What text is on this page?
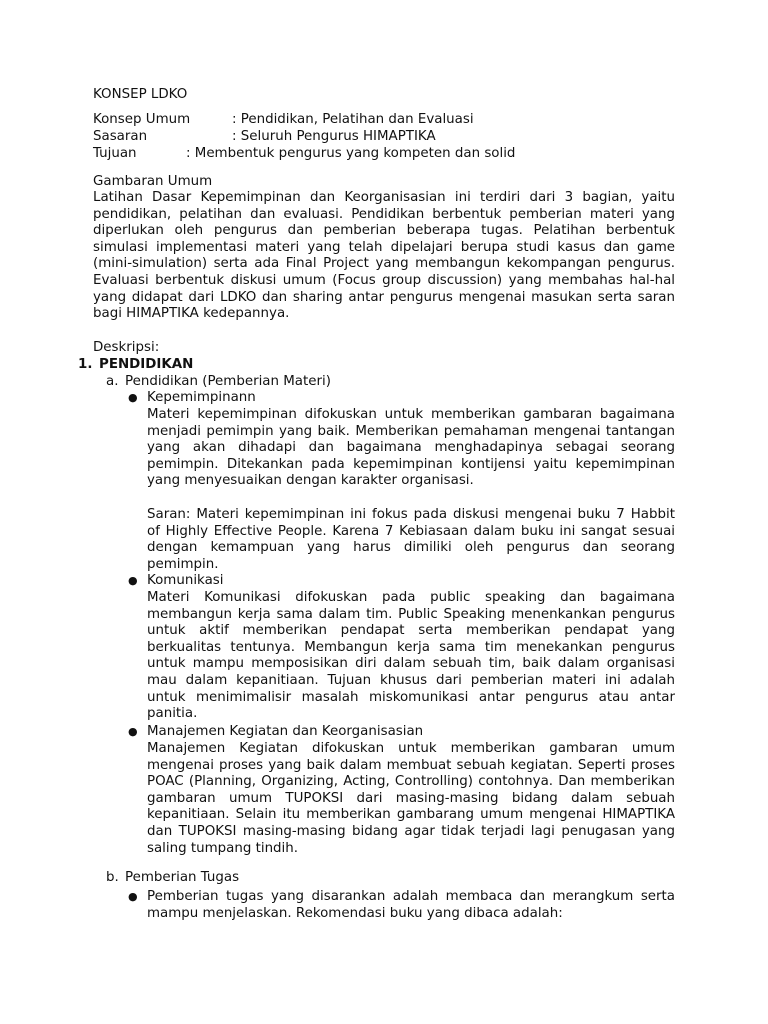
KONSEP LDKO
Konsep Umum	: Pendidikan, Pelatihan dan Evaluasi
Sasaran	: Seluruh Pengurus HIMAPTIKA
Tujuan	: Membentuk pengurus yang kompeten dan solid
Gambaran Umum
Latihan Dasar Kepemimpinan dan Keorganisasian ini terdiri dari 3 bagian, yaitu pendidikan, pelatihan dan evaluasi. Pendidikan berbentuk pemberian materi yang diperlukan oleh pengurus dan pemberian beberapa tugas. Pelatihan berbentuk simulasi implementasi materi yang telah dipelajari berupa studi kasus dan game (mini-simulation) serta ada Final Project yang membangun kekompangan pengurus. Evaluasi berbentuk diskusi umum (Focus group discussion) yang membahas hal-hal yang didapat dari LDKO dan sharing antar pengurus mengenai masukan serta saran bagi HIMAPTIKA kedepannya.
Deskripsi:
1. PENDIDIKAN
a. Pendidikan (Pemberian Materi)
● Kepemimpinann
Materi kepemimpinan difokuskan untuk memberikan gambaran bagaimana menjadi pemimpin yang baik. Memberikan pemahaman mengenai tantangan yang akan dihadapi dan bagaimana menghadapinya sebagai seorang pemimpin. Ditekankan pada kepemimpinan kontijensi yaitu kepemimpinan yang menyesuaikan dengan karakter organisasi.
Saran: Materi kepemimpinan ini fokus pada diskusi mengenai buku 7 Habbit of Highly Effective People. Karena 7 Kebiasaan dalam buku ini sangat sesuai dengan kemampuan yang harus dimiliki oleh pengurus dan seorang pemimpin.
● Komunikasi
Materi Komunikasi difokuskan pada public speaking dan bagaimana membangun kerja sama dalam tim. Public Speaking menenkankan pengurus untuk aktif memberikan pendapat serta memberikan pendapat yang berkualitas tentunya. Membangun kerja sama tim menekankan pengurus untuk mampu memposisikan diri dalam sebuah tim, baik dalam organisasi mau dalam kepanitiaan. Tujuan khusus dari pemberian materi ini adalah untuk menimimalisir masalah miskomunikasi antar pengurus atau antar panitia.
● Manajemen Kegiatan dan Keorganisasian
Manajemen Kegiatan difokuskan untuk memberikan gambaran umum mengenai proses yang baik dalam membuat sebuah kegiatan. Seperti proses POAC (Planning, Organizing, Acting, Controlling) contohnya. Dan memberikan gambaran umum TUPOKSI dari masing-masing bidang dalam sebuah kepanitiaan. Selain itu memberikan gambarang umum mengenai HIMAPTIKA dan TUPOKSI masing-masing bidang agar tidak terjadi lagi penugasan yang saling tumpang tindih.
b. Pemberian Tugas
● Pemberian tugas yang disarankan adalah membaca dan merangkum serta mampu menjelaskan. Rekomendasi buku yang dibaca adalah:
